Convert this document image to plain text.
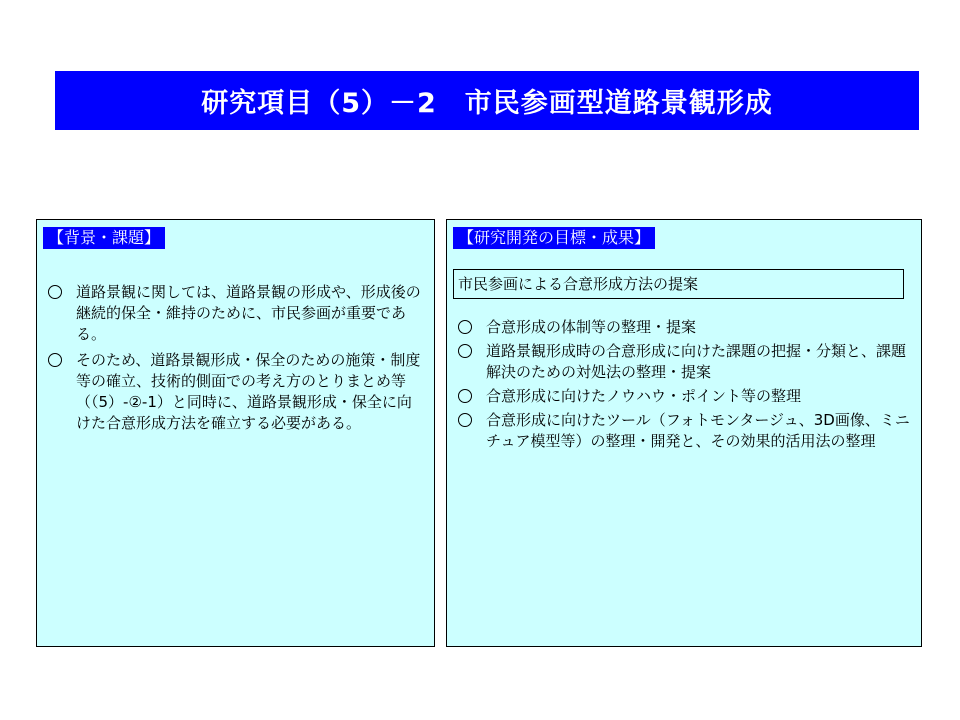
研究項目（5）－2　市民参画型道路景観形成
【背景・課題】
道路景観に関しては、道路景観の形成や、形成後の継続的保全・維持のために、市民参画が重要である。
そのため、道路景観形成・保全のための施策・制度等の確立、技術的側面での考え方のとりまとめ等（（5）-②-1）と同時に、道路景観形成・保全に向けた合意形成方法を確立する必要がある。
【研究開発の目標・成果】
市民参画による合意形成方法の提案
合意形成の体制等の整理・提案
道路景観形成時の合意形成に向けた課題の把握・分類と、課題解決のための対処法の整理・提案
合意形成に向けたノウハウ・ポイント等の整理
合意形成に向けたツール（フォトモンタージュ、3D画像、ミニチュア模型等）の整理・開発と、その効果的活用法の整理
